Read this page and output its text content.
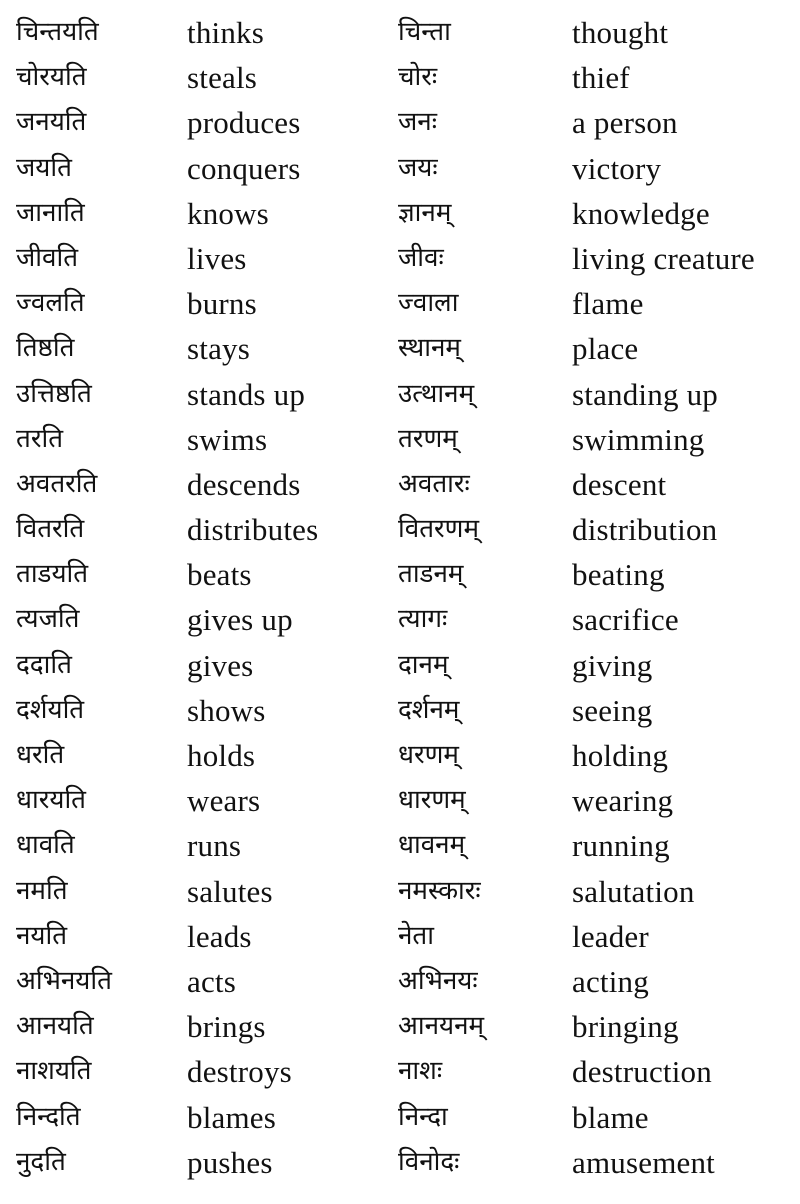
चिन्तयति	thinks	चिन्ता	thought
चोरयति	steals	चोरः	thief
जनयति	produces	जनः	a person
जयति	conquers	जयः	victory
जानाति	knows	ज्ञानम्	knowledge
जीवति	lives	जीवः	living creature
ज्वलति	burns	ज्वाला	flame
तिष्ठति	stays	स्थानम्	place
उत्तिष्ठति	stands up	उत्थानम्	standing up
तरति	swims	तरणम्	swimming
अवतरति	descends	अवतारः	descent
वितरति	distributes	वितरणम्	distribution
ताडयति	beats	ताडनम्	beating
त्यजति	gives up	त्यागः	sacrifice
ददाति	gives	दानम्	giving
दर्शयति	shows	दर्शनम्	seeing
धरति	holds	धरणम्	holding
धारयति	wears	धारणम्	wearing
धावति	runs	धावनम्	running
नमति	salutes	नमस्कारः	salutation
नयति	leads	नेता	leader
अभिनयति acts	अभिनयः	acting
आनयति	brings	आनयनम्	bringing
नाशयति	destroys	नाशः	destruction
निन्दति	blames	निन्दा	blame
नुदति	pushes	विनोदः	amusement
